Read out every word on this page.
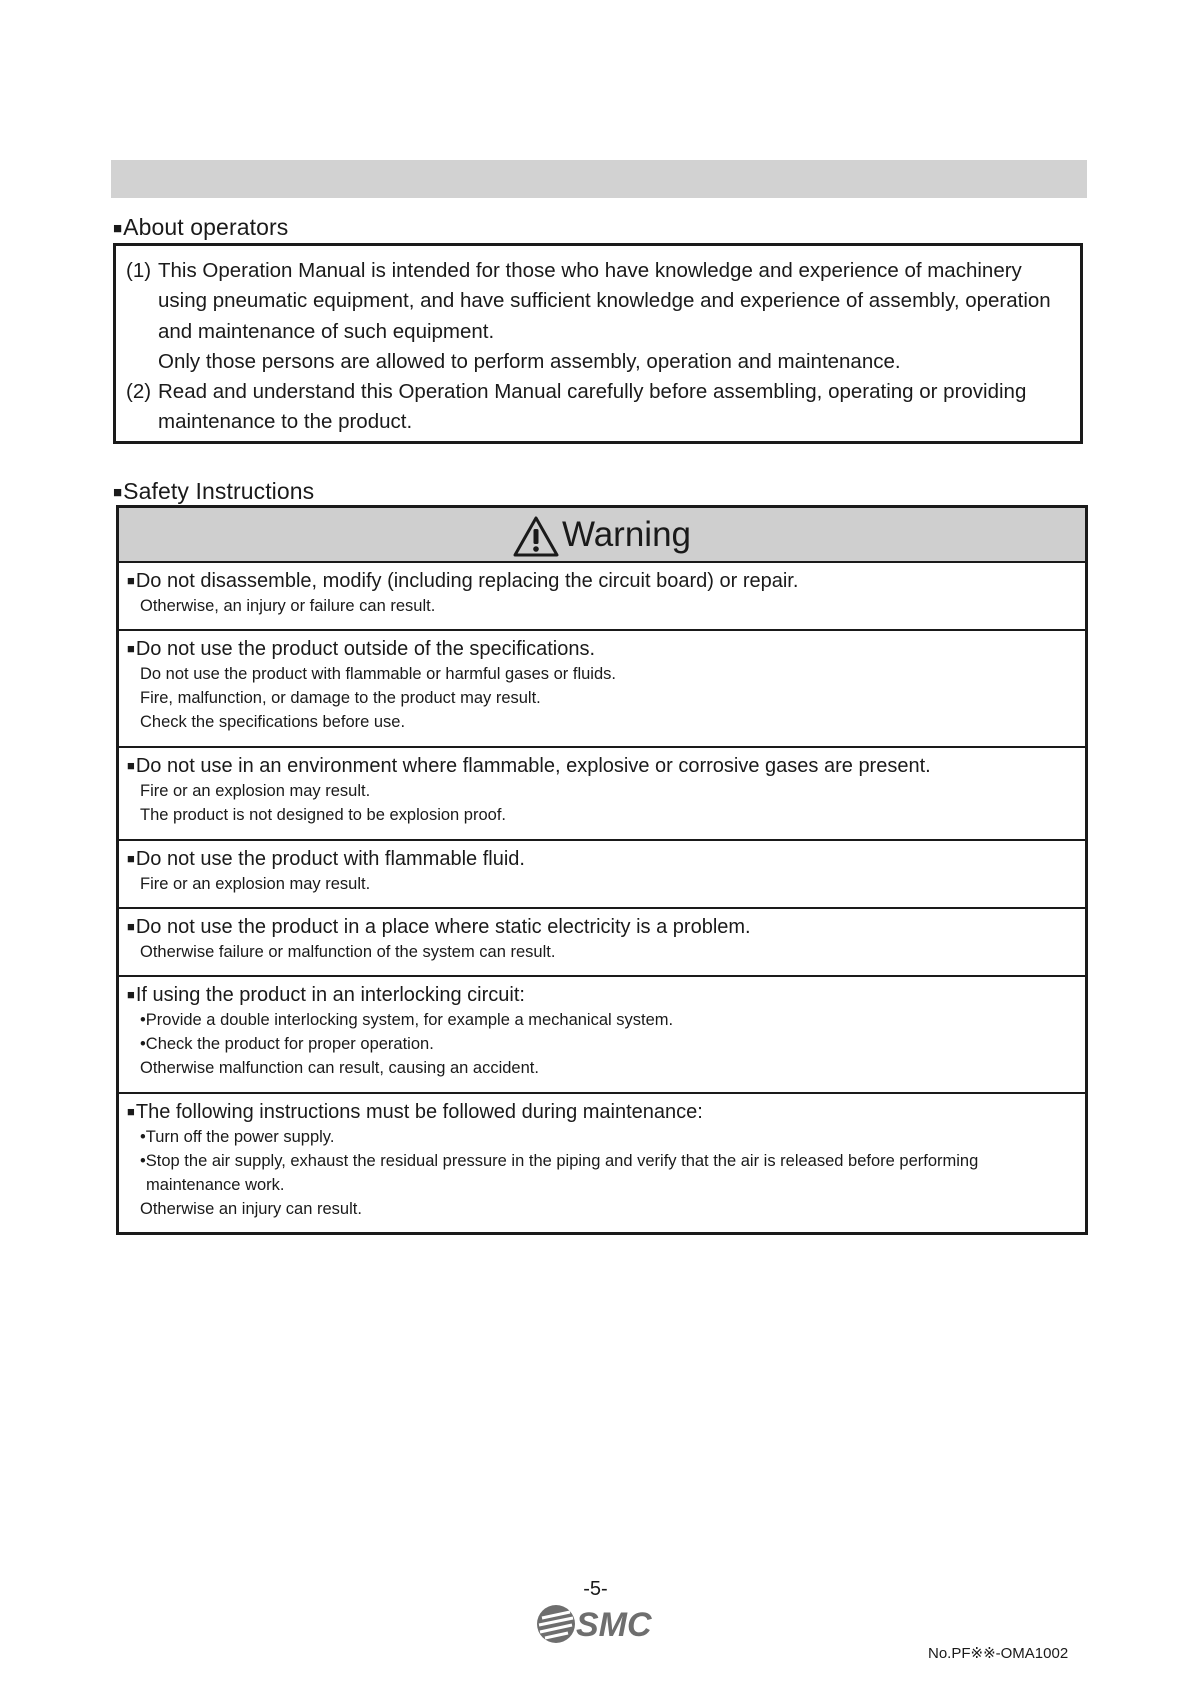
■About operators
(1) This Operation Manual is intended for those who have knowledge and experience of machinery
using pneumatic equipment, and have sufficient knowledge and experience of assembly, operation
and maintenance of such equipment.
Only those persons are allowed to perform assembly, operation and maintenance.
(2) Read and understand this Operation Manual carefully before assembling, operating or providing
maintenance to the product.
■Safety Instructions
Warning
■Do not disassemble, modify (including replacing the circuit board) or repair.
Otherwise, an injury or failure can result.
■Do not use the product outside of the specifications.
Do not use the product with flammable or harmful gases or fluids.
Fire, malfunction, or damage to the product may result.
Check the specifications before use.
■Do not use in an environment where flammable, explosive or corrosive gases are present.
Fire or an explosion may result.
The product is not designed to be explosion proof.
■Do not use the product with flammable fluid.
Fire or an explosion may result.
■Do not use the product in a place where static electricity is a problem.
Otherwise failure or malfunction of the system can result.
■If using the product in an interlocking circuit:
•Provide a double interlocking system, for example a mechanical system.
•Check the product for proper operation.
Otherwise malfunction can result, causing an accident.
■The following instructions must be followed during maintenance:
•Turn off the power supply.
•Stop the air supply, exhaust the residual pressure in the piping and verify that the air is released before performing
maintenance work.
Otherwise an injury can result.
-5-
SMC
No.PF※※-OMA1002
